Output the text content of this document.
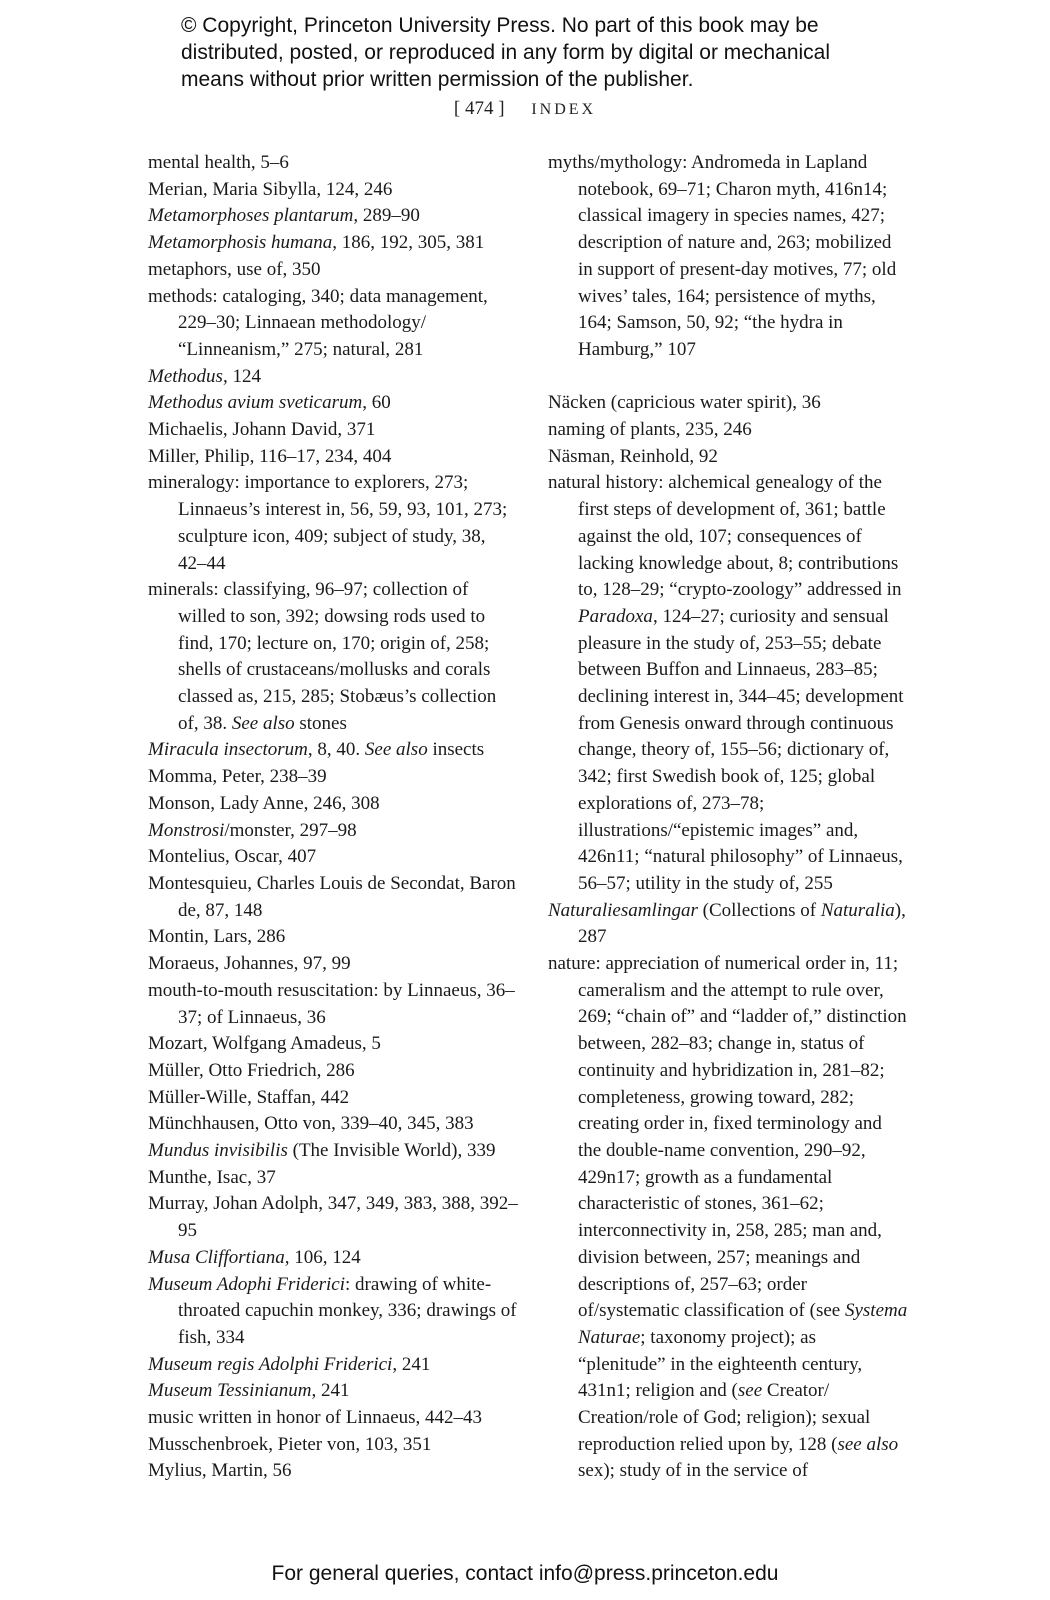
© Copyright, Princeton University Press. No part of this book may be
distributed, posted, or reproduced in any form by digital or mechanical
means without prior written permission of the publisher.
[ 474 ] INDEX
mental health, 5–6
Merian, Maria Sibylla, 124, 246
Metamorphoses plantarum, 289–90
Metamorphosis humana, 186, 192, 305, 381
metaphors, use of, 350
methods: cataloging, 340; data management, 229–30; Linnaean methodology/ “Linneanism,” 275; natural, 281
Methodus, 124
Methodus avium sveticarum, 60
Michaelis, Johann David, 371
Miller, Philip, 116–17, 234, 404
mineralogy: importance to explorers, 273; Linnaeus’s interest in, 56, 59, 93, 101, 273; sculpture icon, 409; subject of study, 38, 42–44
minerals: classifying, 96–97; collection of willed to son, 392; dowsing rods used to find, 170; lecture on, 170; origin of, 258; shells of crustaceans/mollusks and corals classed as, 215, 285; Stobæus’s collection of, 38. See also stones
Miracula insectorum, 8, 40. See also insects
Momma, Peter, 238–39
Monson, Lady Anne, 246, 308
Monstrosi/monster, 297–98
Montelius, Oscar, 407
Montesquieu, Charles Louis de Secondat, Baron de, 87, 148
Montin, Lars, 286
Moraeus, Johannes, 97, 99
mouth-to-mouth resuscitation: by Linnaeus, 36–37; of Linnaeus, 36
Mozart, Wolfgang Amadeus, 5
Müller, Otto Friedrich, 286
Müller-Wille, Staffan, 442
Münchhausen, Otto von, 339–40, 345, 383
Mundus invisibilis (The Invisible World), 339
Munthe, Isac, 37
Murray, Johan Adolph, 347, 349, 383, 388, 392–95
Musa Cliffortiana, 106, 124
Museum Adophi Friderici: drawing of white-throated capuchin monkey, 336; drawings of fish, 334
Museum regis Adolphi Friderici, 241
Museum Tessinianum, 241
music written in honor of Linnaeus, 442–43
Musschenbroek, Pieter von, 103, 351
Mylius, Martin, 56
myths/mythology: Andromeda in Lapland notebook, 69–71; Charon myth, 416n14; classical imagery in species names, 427; description of nature and, 263; mobilized in support of present-day motives, 77; old wives’ tales, 164; persistence of myths, 164; Samson, 50, 92; “the hydra in Hamburg,” 107
Näcken (capricious water spirit), 36
naming of plants, 235, 246
Näsman, Reinhold, 92
natural history: alchemical genealogy of the first steps of development of, 361; battle against the old, 107; consequences of lacking knowledge about, 8; contributions to, 128–29; “crypto-zoology” addressed in Paradoxa, 124–27; curiosity and sensual pleasure in the study of, 253–55; debate between Buffon and Linnaeus, 283–85; declining interest in, 344–45; development from Genesis onward through continuous change, theory of, 155–56; dictionary of, 342; first Swedish book of, 125; global explorations of, 273–78; illustrations/“epistemic images” and, 426n11; “natural philosophy” of Linnaeus, 56–57; utility in the study of, 255
Naturaliesamlingar (Collections of Naturalia), 287
nature: appreciation of numerical order in, 11; cameralism and the attempt to rule over, 269; “chain of” and “ladder of,” distinction between, 282–83; change in, status of continuity and hybridization in, 281–82; completeness, growing toward, 282; creating order in, fixed terminology and the double-name convention, 290–92, 429n17; growth as a fundamental characteristic of stones, 361–62; interconnectivity in, 258, 285; man and, division between, 257; meanings and descriptions of, 257–63; order of/systematic classification of (see Systema Naturae; taxonomy project); as “plenitude” in the eighteenth century, 431n1; religion and (see Creator/ Creation/role of God; religion); sexual reproduction relied upon by, 128 (see also sex); study of in the service of
For general queries, contact info@press.princeton.edu
